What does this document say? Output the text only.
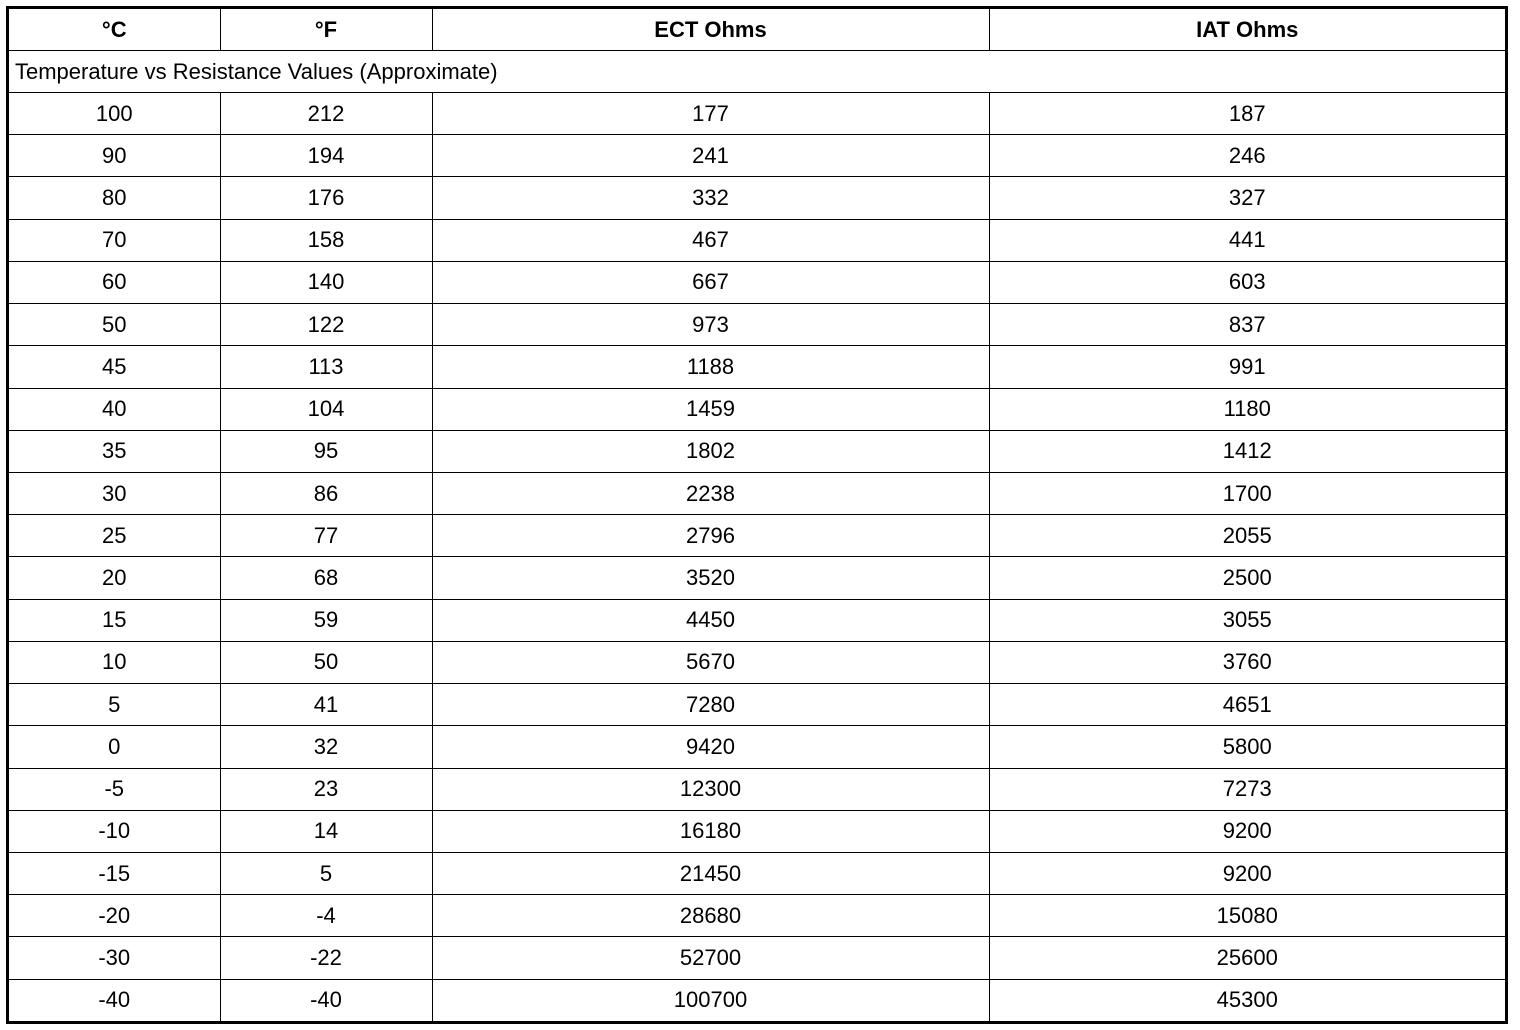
°C	°F	ECT Ohms	IAT Ohms
Temperature vs Resistance Values (Approximate)			
100	212	177	187
90	194	241	246
80	176	332	327
70	158	467	441
60	140	667	603
50	122	973	837
45	113	1188	991
40	104	1459	1180
35	95	1802	1412
30	86	2238	1700
25	77	2796	2055
20	68	3520	2500
15	59	4450	3055
10	50	5670	3760
5	41	7280	4651
0	32	9420	5800
-5	23	12300	7273
-10	14	16180	9200
-15	5	21450	9200
-20	-4	28680	15080
-30	-22	52700	25600
-40	-40	100700	45300
